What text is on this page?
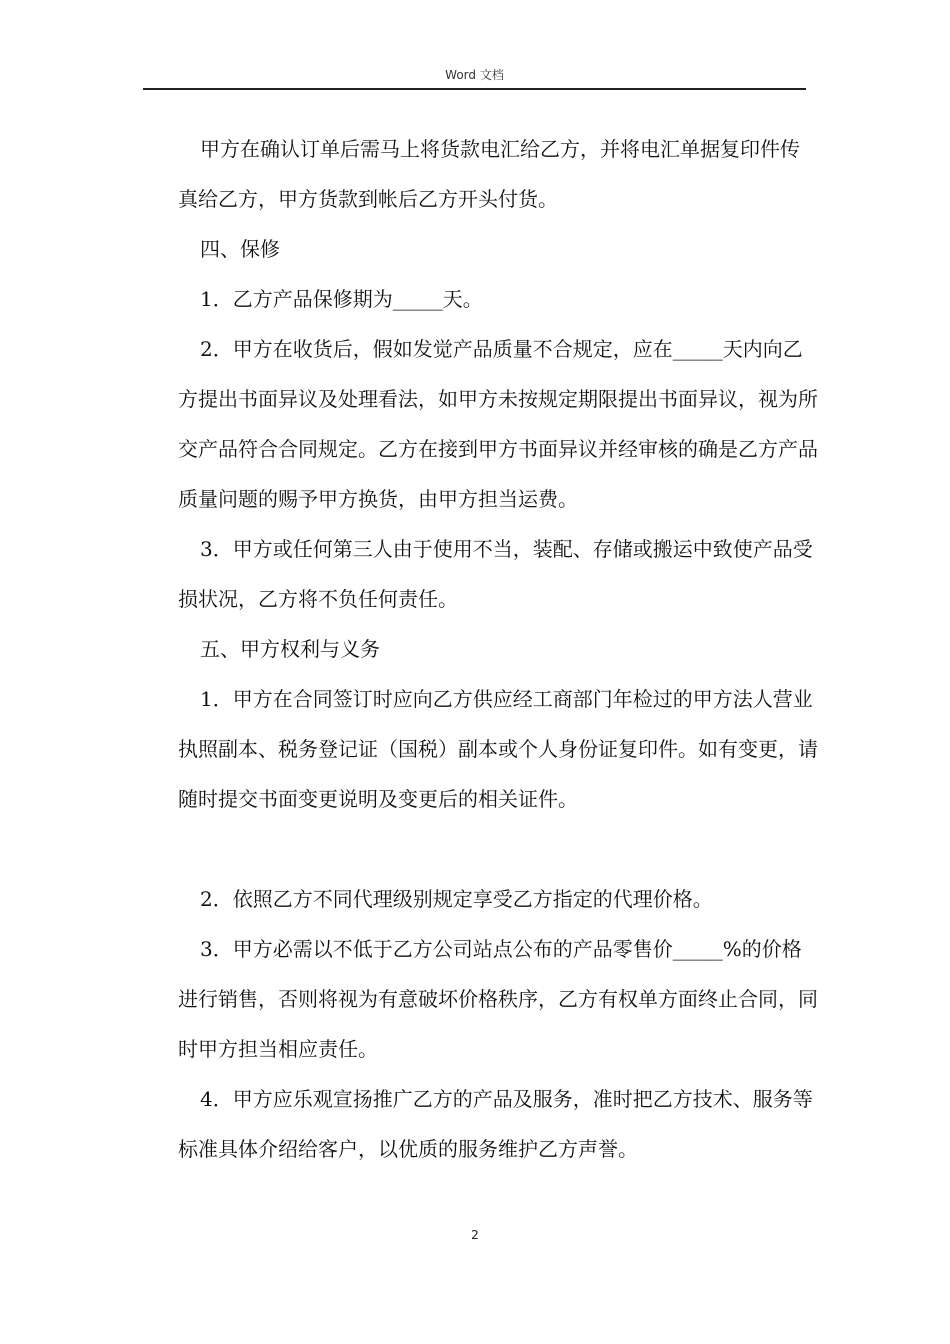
Word 文档

甲方在确认订单后需马上将货款电汇给乙方，并将电汇单据复印件传真给乙方，甲方货款到帐后乙方开头付货。

四、保修

1．乙方产品保修期为_____天。

2．甲方在收货后，假如发觉产品质量不合规定，应在_____天内向乙方提出书面异议及处理看法，如甲方未按规定期限提出书面异议，视为所交产品符合合同规定。乙方在接到甲方书面异议并经审核的确是乙方产品质量问题的赐予甲方换货，由甲方担当运费。

3．甲方或任何第三人由于使用不当，装配、存储或搬运中致使产品受损状况，乙方将不负任何责任。

五、甲方权利与义务

1．甲方在合同签订时应向乙方供应经工商部门年检过的甲方法人营业执照副本、税务登记证（国税）副本或个人身份证复印件。如有变更，请随时提交书面变更说明及变更后的相关证件。

2．依照乙方不同代理级别规定享受乙方指定的代理价格。

3．甲方必需以不低于乙方公司站点公布的产品零售价_____%的价格进行销售，否则将视为有意破坏价格秩序，乙方有权单方面终止合同，同时甲方担当相应责任。

4．甲方应乐观宣扬推广乙方的产品及服务，准时把乙方技术、服务等标准具体介绍给客户，以优质的服务维护乙方声誉。

2
